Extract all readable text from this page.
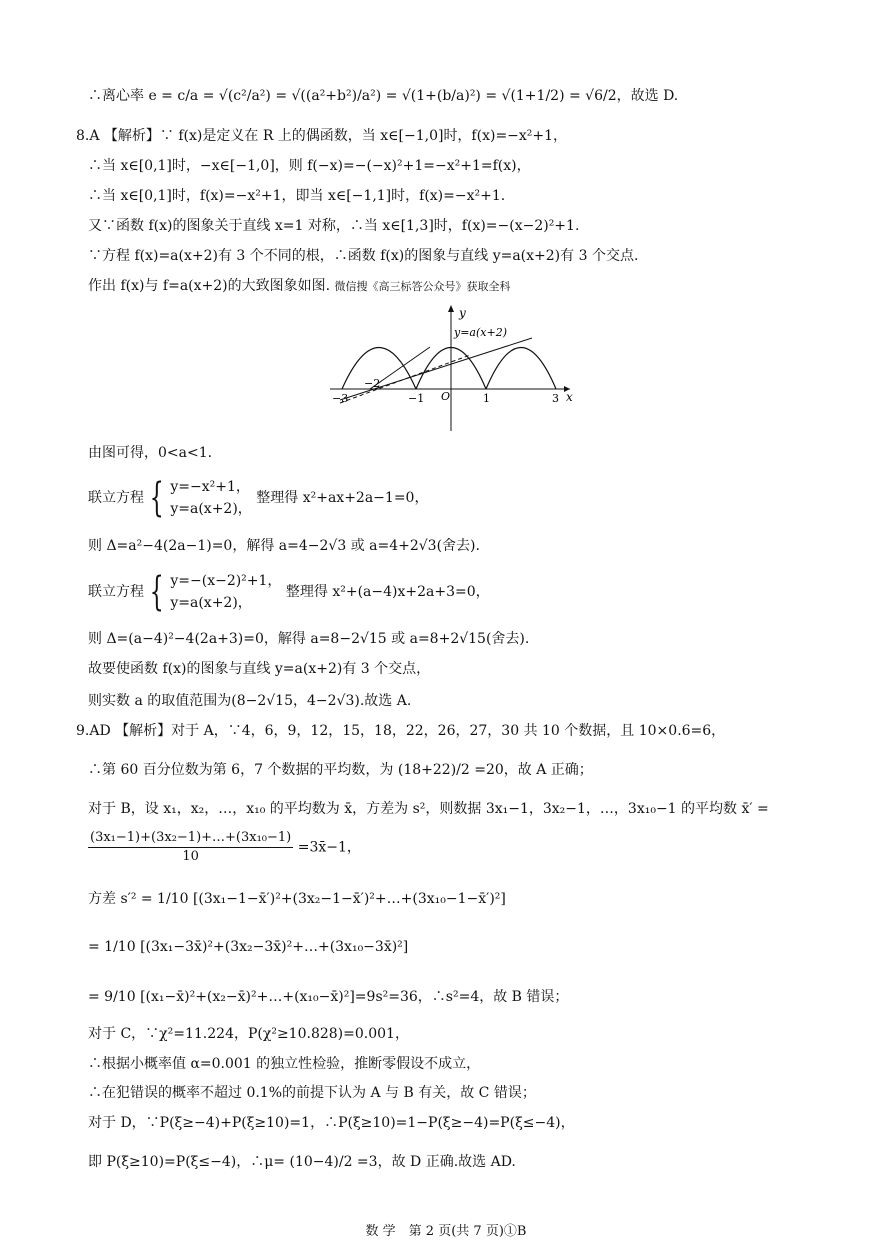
∴离心率 e = c/a = √(c²/a²) = √((a²+b²)/a²) = √(1+(b/a)²) = √(1+1/2) = √6/2，故选 D.
8.A 【解析】∵ f(x)是定义在 R 上的偶函数，当 x∈[−1,0]时，f(x)=−x²+1，
∴当 x∈[0,1]时，−x∈[−1,0]，则 f(−x)=−(−x)²+1=−x²+1=f(x)，
∴当 x∈[0,1]时，f(x)=−x²+1，即当 x∈[−1,1]时，f(x)=−x²+1.
又∵函数 f(x)的图象关于直线 x=1 对称，∴当 x∈[1,3]时，f(x)=−(x−2)²+1.
∵方程 f(x)=a(x+2)有 3 个不同的根，∴函数 f(x)的图象与直线 y=a(x+2)有 3 个交点.
作出 f(x)与 f=a(x+2)的大致图象如图. 微信搜《高三标答公众号》获取全科
y
x
y=a(x+2)
O
−3
−2
−1	1	3
由图可得，0<a<1.
联立方程 { y=−x²+1，
y=a(x+2)，
整理得 x²+ax+2a−1=0，
则 Δ=a²−4(2a−1)=0，解得 a=4−2√3 或 a=4+2√3(舍去).
联立方程 { y=−(x−2)²+1，
y=a(x+2)，
整理得 x²+(a−4)x+2a+3=0，
则 Δ=(a−4)²−4(2a+3)=0，解得 a=8−2√15 或 a=8+2√15(舍去).
故要使函数 f(x)的图象与直线 y=a(x+2)有 3 个交点，
则实数 a 的取值范围为(8−2√15，4−2√3).故选 A.
9.AD 【解析】对于 A，∵4，6，9，12，15，18，22，26，27，30 共 10 个数据，且 10×0.6=6，
∴第 60 百分位数为第 6，7 个数据的平均数，为 (18+22)/2 =20，故 A 正确；
对于 B，设 x₁，x₂，…，x₁₀ 的平均数为 x̄，方差为 s²，则数据 3x₁−1，3x₂−1，…，3x₁₀−1 的平均数 x̄′ =
$\frac{\text{(3x₁−1)+(3x₂−1)+…+(3x₁₀−1)}}{10}$ =3x̄−1，
方差 s′² = 1/10 [(3x₁−1−x̄′)²+(3x₂−1−x̄′)²+…+(3x₁₀−1−x̄′)²]
= 1/10 [(3x₁−3x̄)²+(3x₂−3x̄)²+…+(3x₁₀−3x̄)²]
= 9/10 [(x₁−x̄)²+(x₂−x̄)²+…+(x₁₀−x̄)²]=9s²=36，∴s²=4，故 B 错误；
对于 C，∵χ²=11.224，P(χ²≥10.828)=0.001，
∴根据小概率值 α=0.001 的独立性检验，推断零假设不成立，
∴在犯错误的概率不超过 0.1%的前提下认为 A 与 B 有关，故 C 错误；
对于 D，∵P(ξ≥−4)+P(ξ≥10)=1，∴P(ξ≥10)=1−P(ξ≥−4)=P(ξ≤−4)，
即 P(ξ≥10)=P(ξ≤−4)，∴μ= (10−4)/2 =3，故 D 正确.故选 AD.
数 学　第 2 页(共 7 页)①B
